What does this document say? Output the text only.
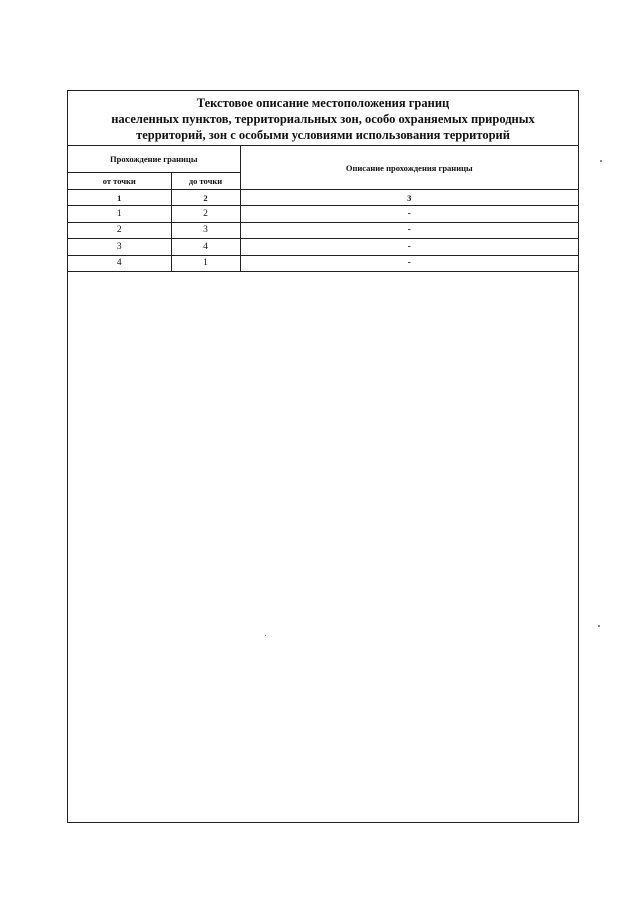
Текстовое описание местоположения границ
населенных пунктов, территориальных зон, особо охраняемых природных
территорий, зон с особыми условиями использования территорий
Прохождение границы		Описание прохождения границы
от точки	до точки	
1	2	3
1	2	-
2	3	-
3	4	-
4	1	-
